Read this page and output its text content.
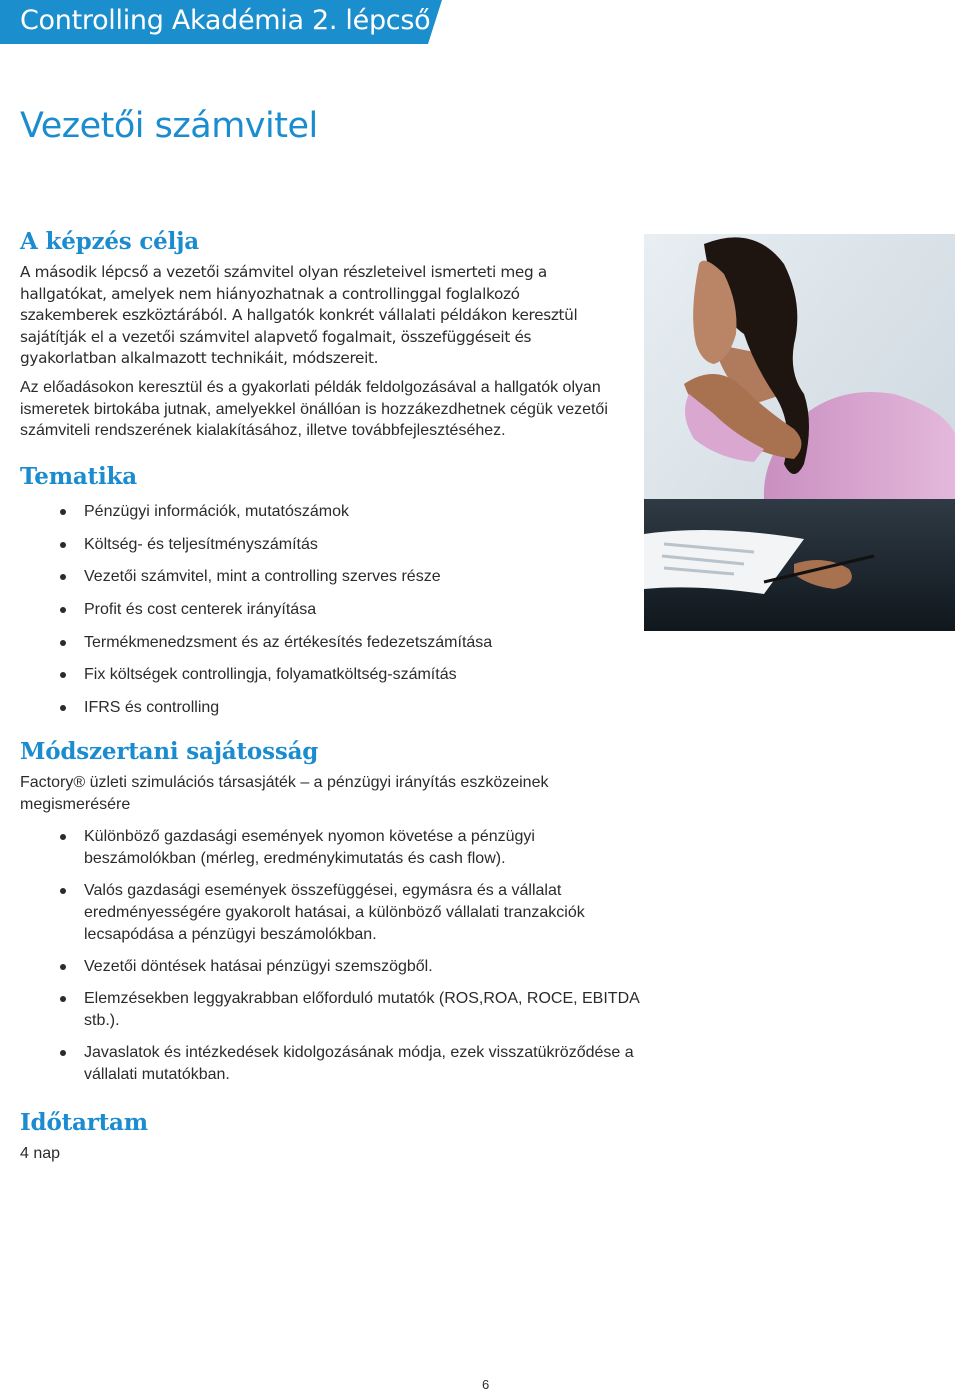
Controlling Akadémia 2. lépcső
Vezetői számvitel
A képzés célja

A második lépcső a vezetői számvitel olyan részleteivel ismerteti meg a hallgatókat, amelyek nem hiányozhatnak a controllinggal foglalkozó szakemberek eszköztárából. A hallgatók konkrét vállalati példákon keresztül sajátítják el a vezetői számvitel alapvető fogalmait, összefüggéseit és gyakorlatban alkalmazott technikáit, módszereit.

Az előadásokon keresztül és a gyakorlati példák feldolgozásával a hallgatók olyan ismeretek birtokába jutnak, amelyekkel önállóan is hozzákezdhetnek cégük vezetői számviteli rendszerének kialakításához, illetve továbbfejlesztéséhez.

Tematika
Pénzügyi információk, mutatószámok
Költség- és teljesítményszámítás
Vezetői számvitel, mint a controlling szerves része
Profit és cost centerek irányítása
Termékmenedzsment és az értékesítés fedezetszámítása
Fix költségek controllingja, folyamatköltség-számítás
IFRS és controlling
Módszertani sajátosság

Factory® üzleti szimulációs társasjáték – a pénzügyi irányítás eszközeinek megismerésére

Különböző gazdasági események nyomon követése a pénzügyi beszámolókban (mérleg, eredménykimutatás és cash flow).
Valós gazdasági események összefüggései, egymásra és a vállalat eredményességére gyakorolt hatásai, a különböző vállalati tranzakciók lecsapódása a pénzügyi beszámolókban.
Vezetői döntések hatásai pénzügyi szemszögből.
Elemzésekben leggyakrabban előforduló mutatók (ROS,ROA, ROCE, EBITDA stb.).
Javaslatok és intézkedések kidolgozásának módja, ezek visszatükröződése a vállalati mutatókban.
Időtartam

4 nap

6
